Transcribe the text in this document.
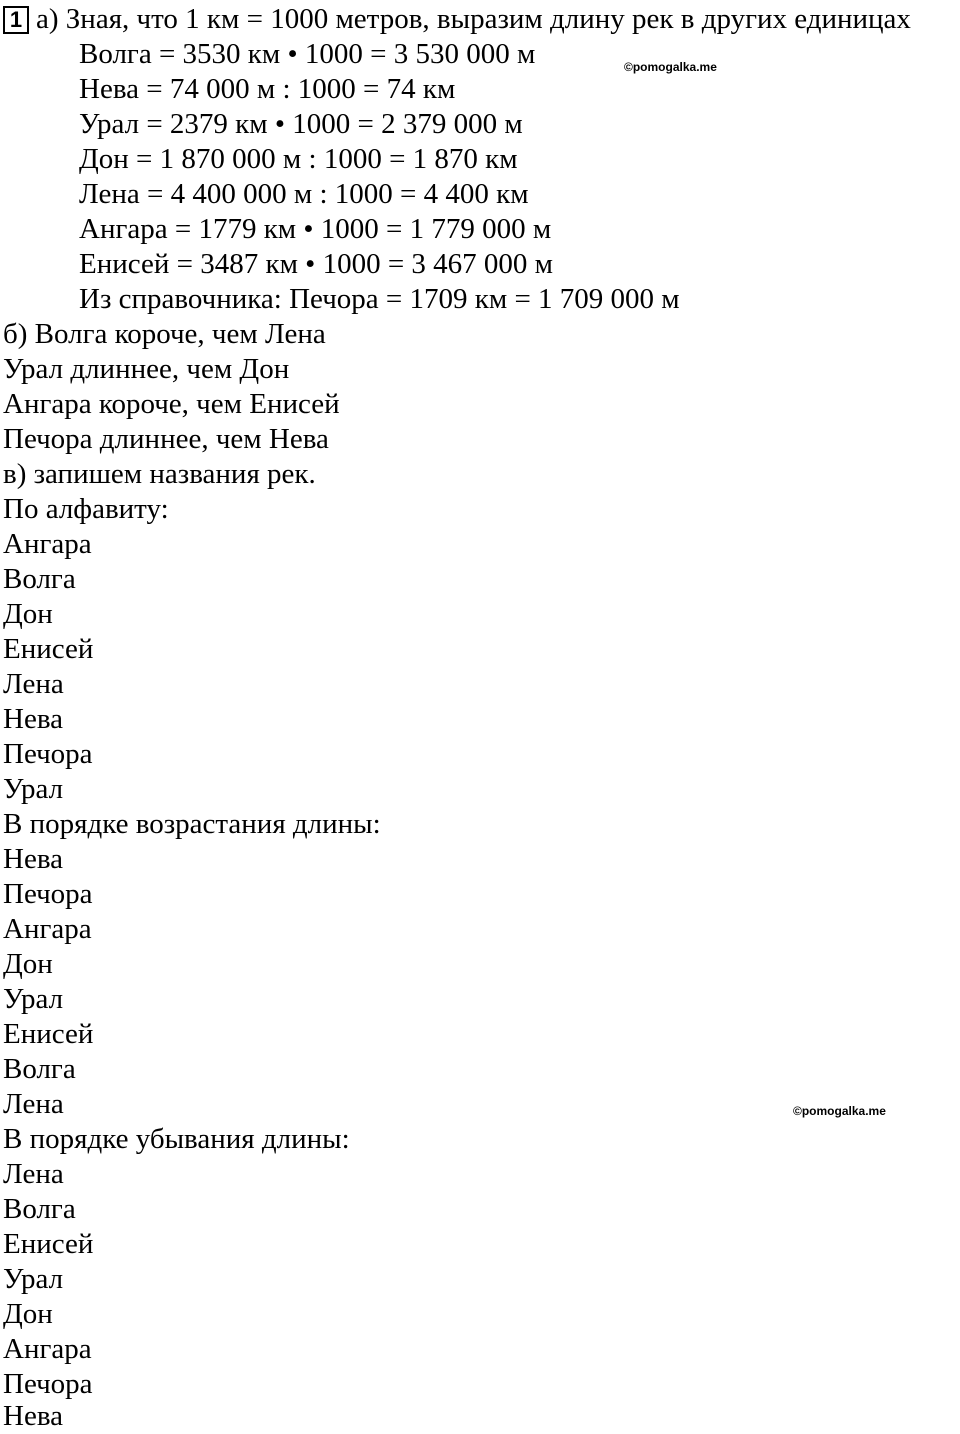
1 а) Зная, что 1 км = 1000 метров, выразим длину рек в других единицах
Волга = 3530 км • 1000 = 3 530 000 м
Нева = 74 000 м : 1000 = 74 км
Урал = 2379 км • 1000 = 2 379 000 м
Дон = 1 870 000 м : 1000 = 1 870 км
Лена = 4 400 000 м : 1000 = 4 400 км
Ангара = 1779 км • 1000 = 1 779 000 м
Енисей = 3487 км • 1000 = 3 467 000 м
Из справочника: Печора = 1709 км = 1 709 000 м
б) Волга короче, чем Лена
Урал длиннее, чем Дон
Ангара короче, чем Енисей
Печора длиннее, чем Нева
в) запишем названия рек.
По алфавиту:
Ангара
Волга
Дон
Енисей
Лена
Нева
Печора
Урал
В порядке возрастания длины:
Нева
Печора
Ангара
Дон
Урал
Енисей
Волга
Лена
В порядке убывания длины:
Лена
Волга
Енисей
Урал
Дон
Ангара
Печора
Нева
©pomogalka.me
©pomogalka.me
